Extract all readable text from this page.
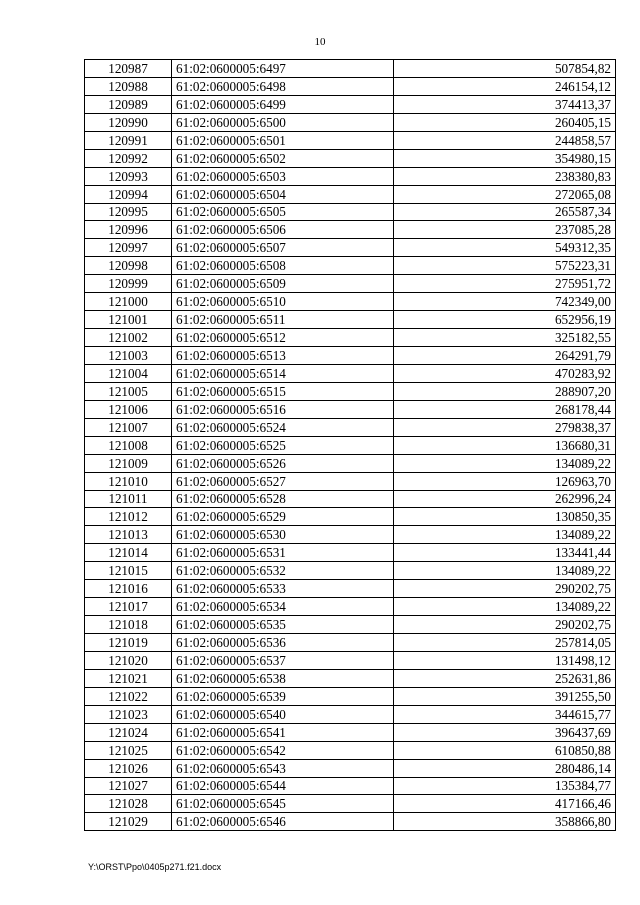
10
120987	61:02:0600005:6497	507854,82
120988	61:02:0600005:6498	246154,12
120989	61:02:0600005:6499	374413,37
120990	61:02:0600005:6500	260405,15
120991	61:02:0600005:6501	244858,57
120992	61:02:0600005:6502	354980,15
120993	61:02:0600005:6503	238380,83
120994	61:02:0600005:6504	272065,08
120995	61:02:0600005:6505	265587,34
120996	61:02:0600005:6506	237085,28
120997	61:02:0600005:6507	549312,35
120998	61:02:0600005:6508	575223,31
120999	61:02:0600005:6509	275951,72
121000	61:02:0600005:6510	742349,00
121001	61:02:0600005:6511	652956,19
121002	61:02:0600005:6512	325182,55
121003	61:02:0600005:6513	264291,79
121004	61:02:0600005:6514	470283,92
121005	61:02:0600005:6515	288907,20
121006	61:02:0600005:6516	268178,44
121007	61:02:0600005:6524	279838,37
121008	61:02:0600005:6525	136680,31
121009	61:02:0600005:6526	134089,22
121010	61:02:0600005:6527	126963,70
121011	61:02:0600005:6528	262996,24
121012	61:02:0600005:6529	130850,35
121013	61:02:0600005:6530	134089,22
121014	61:02:0600005:6531	133441,44
121015	61:02:0600005:6532	134089,22
121016	61:02:0600005:6533	290202,75
121017	61:02:0600005:6534	134089,22
121018	61:02:0600005:6535	290202,75
121019	61:02:0600005:6536	257814,05
121020	61:02:0600005:6537	131498,12
121021	61:02:0600005:6538	252631,86
121022	61:02:0600005:6539	391255,50
121023	61:02:0600005:6540	344615,77
121024	61:02:0600005:6541	396437,69
121025	61:02:0600005:6542	610850,88
121026	61:02:0600005:6543	280486,14
121027	61:02:0600005:6544	135384,77
121028	61:02:0600005:6545	417166,46
121029	61:02:0600005:6546	358866,80
Y:\ORST\Ppo\0405p271.f21.docx
